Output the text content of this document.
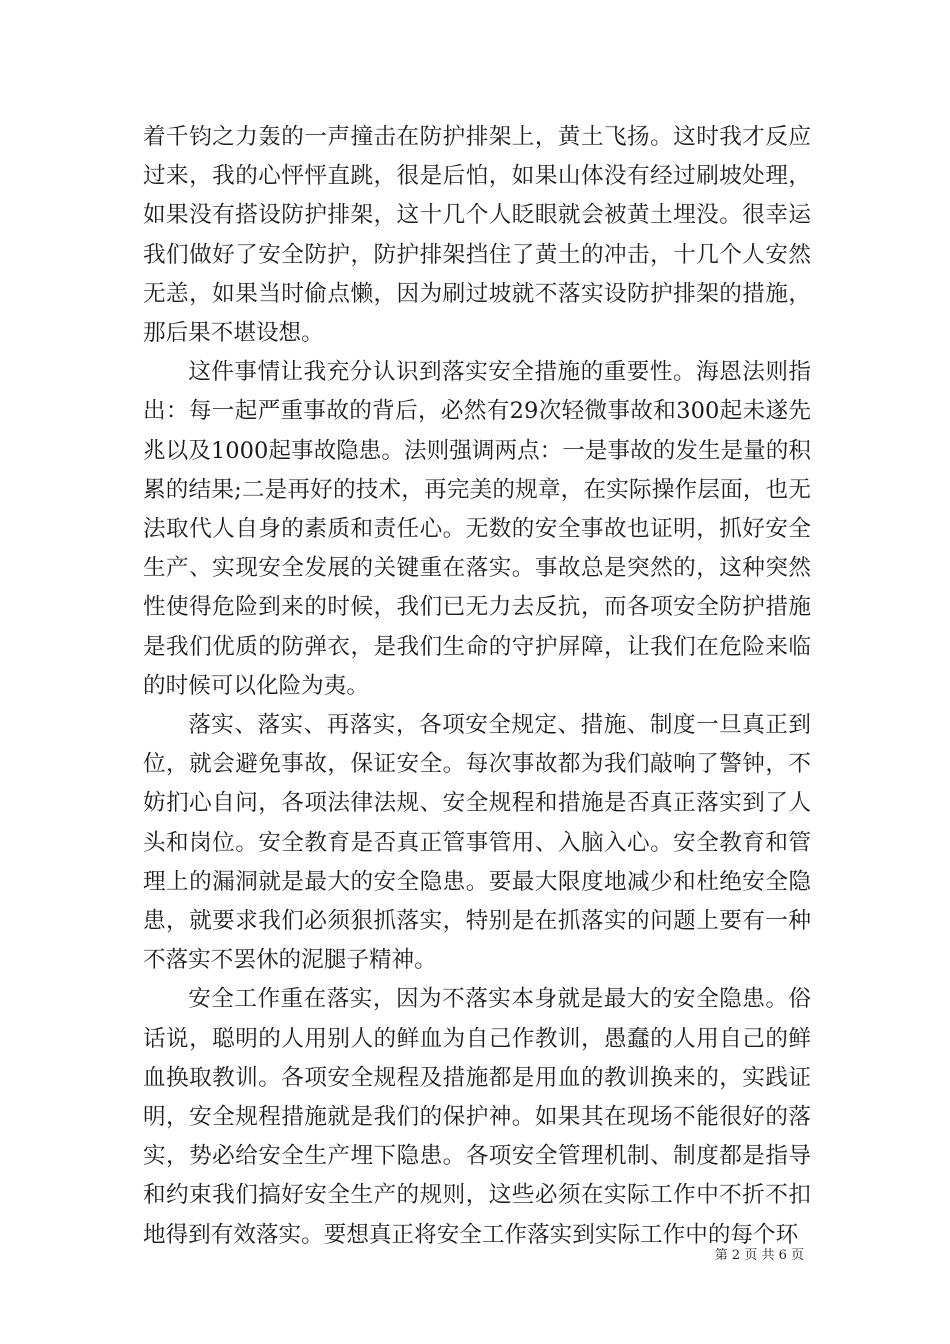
着千钧之力轰的一声撞击在防护排架上，黄土飞扬。这时我才反应过来，我的心怦怦直跳，很是后怕，如果山体没有经过刷坡处理，如果没有搭设防护排架，这十几个人眨眼就会被黄土埋没。很幸运我们做好了安全防护，防护排架挡住了黄土的冲击，十几个人安然无恙，如果当时偷点懒，因为刷过坡就不落实设防护排架的措施，那后果不堪设想。

这件事情让我充分认识到落实安全措施的重要性。海恩法则指出：每一起严重事故的背后，必然有29次轻微事故和300起未遂先兆以及1000起事故隐患。法则强调两点：一是事故的发生是量的积累的结果;二是再好的技术，再完美的规章，在实际操作层面，也无法取代人自身的素质和责任心。无数的安全事故也证明，抓好安全生产、实现安全发展的关键重在落实。事故总是突然的，这种突然性使得危险到来的时候，我们已无力去反抗，而各项安全防护措施是我们优质的防弹衣，是我们生命的守护屏障，让我们在危险来临的时候可以化险为夷。

落实、落实、再落实，各项安全规定、措施、制度一旦真正到位，就会避免事故，保证安全。每次事故都为我们敲响了警钟，不妨扪心自问，各项法律法规、安全规程和措施是否真正落实到了人头和岗位。安全教育是否真正管事管用、入脑入心。安全教育和管理上的漏洞就是最大的安全隐患。要最大限度地减少和杜绝安全隐患，就要求我们必须狠抓落实，特别是在抓落实的问题上要有一种不落实不罢休的泥腿子精神。

安全工作重在落实，因为不落实本身就是最大的安全隐患。俗话说，聪明的人用别人的鲜血为自己作教训，愚蠢的人用自己的鲜血换取教训。各项安全规程及措施都是用血的教训换来的，实践证明，安全规程措施就是我们的保护神。如果其在现场不能很好的落实，势必给安全生产埋下隐患。各项安全管理机制、制度都是指导和约束我们搞好安全生产的规则，这些必须在实际工作中不折不扣地得到有效落实。要想真正将安全工作落实到实际工作中的每个环

第 2 页 共 6 页
